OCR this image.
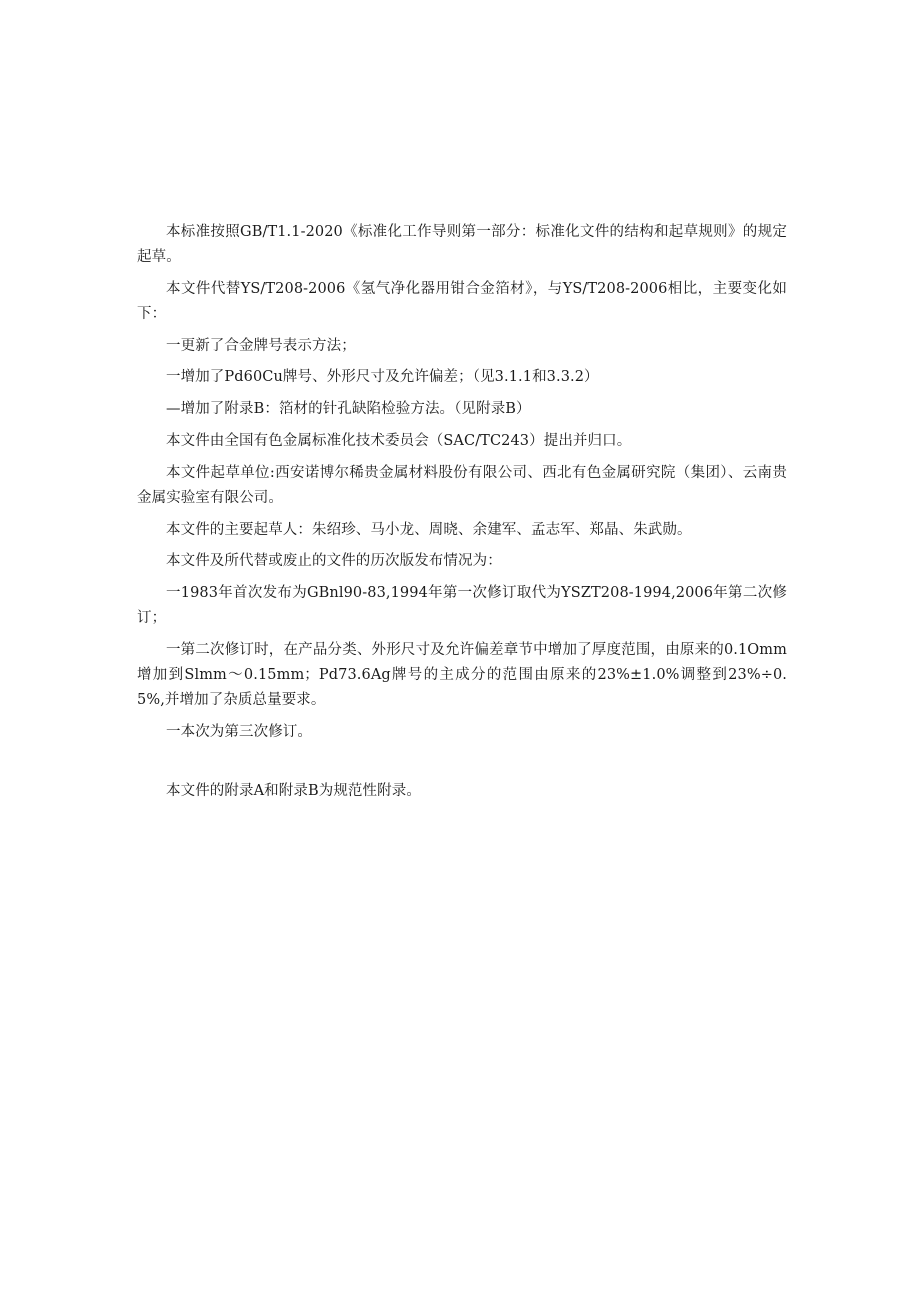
本标准按照GB/T1.1-2020《标准化工作导则第一部分：标准化文件的结构和起草规则》的规定起草。

本文件代替YS/T208-2006《氢气净化器用钳合金箔材》，与YS/T208-2006相比，主要变化如下：

一更新了合金牌号表示方法；

一增加了Pd60Cu牌号、外形尺寸及允许偏差；（见3.1.1和3.3.2）

—增加了附录B：箔材的针孔缺陷检验方法。（见附录B）

本文件由全国有色金属标准化技术委员会（SAC/TC243）提出并归口。

本文件起草单位:西安诺博尔稀贵金属材料股份有限公司、西北有色金属研究院（集团）、云南贵金属实验室有限公司。

本文件的主要起草人：朱绍珍、马小龙、周晓、余建军、孟志军、郑晶、朱武勋。

本文件及所代替或废止的文件的历次版发布情况为：

一1983年首次发布为GBnl90-83,1994年第一次修订取代为YSZT208-1994,2006年第二次修订；

一第二次修订时，在产品分类、外形尺寸及允许偏差章节中增加了厚度范围，由原来的0.1Omm增加到Slmm～0.15mm；Pd73.6Ag牌号的主成分的范围由原来的23%±1.0%调整到23%÷0.5%,并增加了杂质总量要求。

一本次为第三次修订。

本文件的附录A和附录B为规范性附录。
